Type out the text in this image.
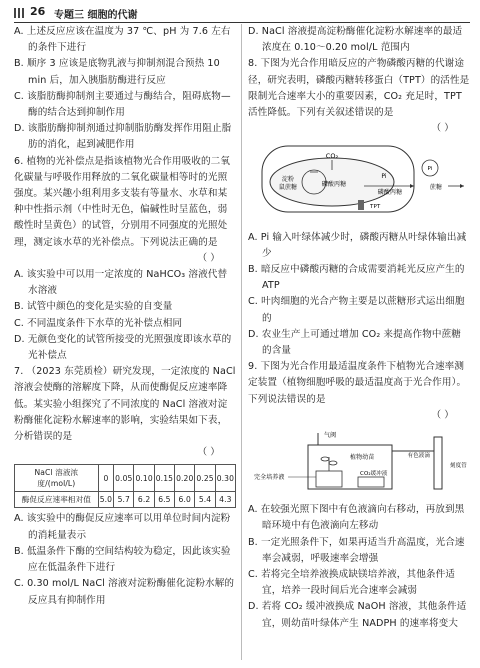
26 专题三 细胞的代谢

A. 上述反应应该在温度为 37 ℃、pH 为 7.6 左右的条件下进行

B. 顺序 3 应该是底物乳液与抑制剂混合预热 10 min 后，加入胰脂肪酶进行反应

C. 该脂肪酶抑制剂主要通过与酶结合，阻碍底物—酶的结合达到抑制作用

D. 该脂肪酶抑制剂通过抑制脂肪酶发挥作用阻止脂肪的消化，起到减肥作用

6. 植物的光补偿点是指该植物光合作用吸收的二氧化碳量与呼吸作用释放的二氧化碳量相等时的光照强度。某兴趣小组利用多支装有等量水、水草和某种中性指示剂（中性时无色，偏碱性时呈蓝色，弱酸性时呈黄色）的试管，分别用不同强度的光照处理，测定该水草的光补偿点。下列说法正确的是

（ ）

A. 该实验中可以用一定浓度的 NaHCO₃ 溶液代替水溶液

B. 试管中颜色的变化是实验的自变量

C. 不同温度条件下水草的光补偿点相同

D. 无颜色变化的试管所接受的光照强度即该水草的光补偿点

7. （2023 东莞质检）研究发现，一定浓度的 NaCl 溶液会使酶的溶解度下降，从而使酶促反应速率降低。某实验小组探究了不同浓度的 NaCl 溶液对淀粉酶催化淀粉水解速率的影响，实验结果如下表，分析错误的是

（ ）

NaCl 溶液浓度/(mol/L)	0	0.05	0.10	0.15	0.20	0.25	0.30
酶促反应速率相对值	5.0	5.7	6.2	6.5	6.0	5.4	4.3

A. 该实验中的酶促反应速率可以用单位时间内淀粉的消耗量表示

B. 低温条件下酶的空间结构较为稳定，因此该实验应在低温条件下进行

C. 0.30 mol/L NaCl 溶液对淀粉酶催化淀粉水解的反应具有抑制作用

D. NaCl 溶液提高淀粉酶催化淀粉水解速率的最适浓度在 0.10～0.20 mol/L 范围内

8. 下图为光合作用暗反应的产物磷酸丙糖的代谢途径，研究表明，磷酸丙糖转移蛋白（TPT）的活性是限制光合速率大小的重要因素，CO₂ 充足时，TPT 活性降低。下列有关叙述错误的是

（ ）

CO₂
淀粉
鼠蔗糖	磷酸丙糖
Pi
磷酸丙糖
TPT
蔗糖
Pi

A. Pi 输入叶绿体减少时，磷酸丙糖从叶绿体输出减少

B. 暗反应中磷酸丙糖的合成需要消耗光反应产生的 ATP

C. 叶肉细胞的光合产物主要是以蔗糖形式运出细胞的

D. 农业生产上可通过增加 CO₂ 来提高作物中蔗糖的含量

9. 下图为光合作用最适温度条件下植物光合速率测定装置（植物细胞呼吸的最适温度高于光合作用）。下列说法错误的是

（ ）

气阀
有色液滴
刻度管
植物幼苗
CO₂缓冲液
完全培养液

A. 在较强光照下图中有色液滴向右移动，再放到黑暗环境中有色液滴向左移动

B. 一定光照条件下，如果再适当升高温度，光合速率会减弱，呼吸速率会增强

C. 若将完全培养液换成缺镁培养液，其他条件适宜，培养一段时间后光合速率会减弱

D. 若将 CO₂ 缓冲液换成 NaOH 溶液，其他条件适宜，则幼苗叶绿体产生 NADPH 的速率将变大
